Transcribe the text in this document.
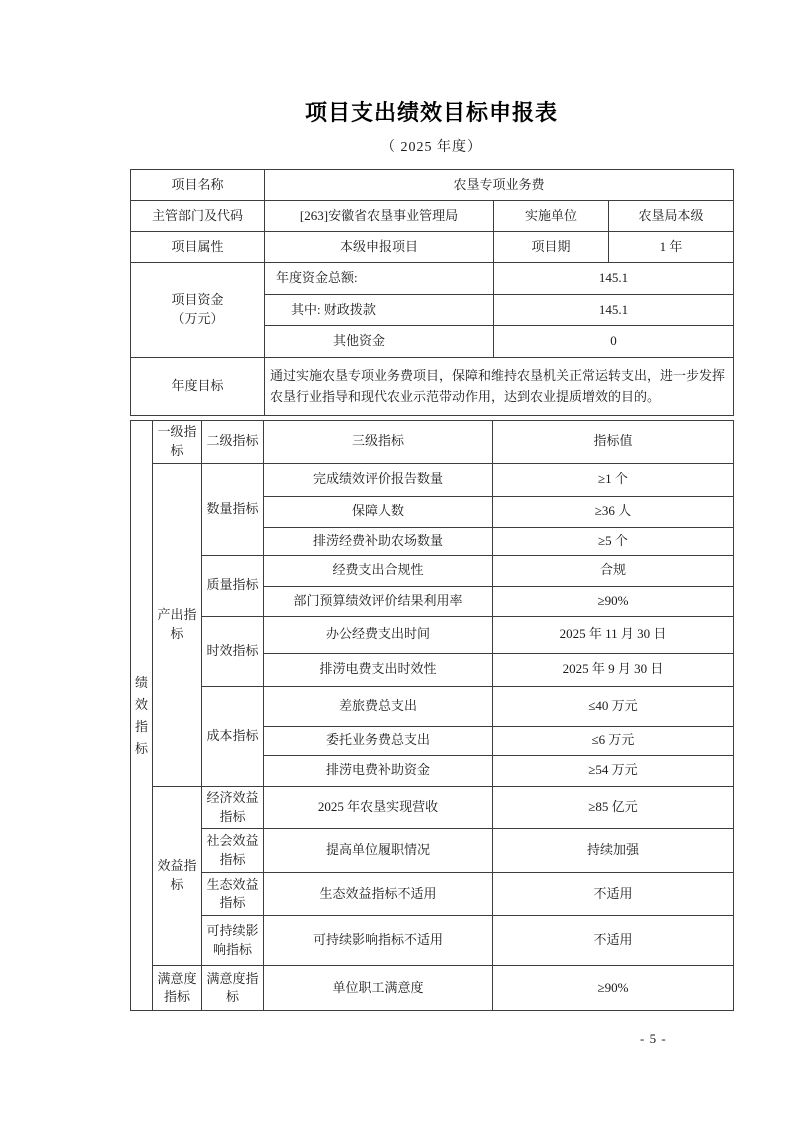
项目支出绩效目标申报表
（ 2025 年度）
项目名称	农垦专项业务费		
主管部门及代码	[263]安徽省农垦事业管理局	实施单位	农垦局本级
项目属性	本级申报项目	项目期	1 年

项目资金
（万元）	年度资金总额:	145.1	
	其中: 财政拨款	145.1	
	其他资金	0	
年度目标	通过实施农垦专项业务费项目，保障和维持农垦机关正常运转支出，进一步发挥农垦行业指导和现代农业示范带动作用，达到农业提质增效的目的。		
绩效指标	一级指标	二级指标	三级指标	指标值
	产出指标	数量指标	完成绩效评价报告数量	≥1 个
			保障人数	≥36 人
			排涝经费补助农场数量	≥5 个
		质量指标	经费支出合规性	合规
			部门预算绩效评价结果利用率	≥90%
		时效指标	办公经费支出时间	2025 年 11 月 30 日
			排涝电费支出时效性	2025 年 9 月 30 日
		成本指标	差旅费总支出	≤40 万元
			委托业务费总支出	≤6 万元
			排涝电费补助资金	≥54 万元
	效益指标	经济效益指标	2025 年农垦实现营收	≥85 亿元
		社会效益指标	提高单位履职情况	持续加强
		生态效益指标	生态效益指标不适用	不适用
		可持续影响指标	可持续影响指标不适用	不适用
	满意度指标	满意度指标	单位职工满意度	≥90%
- 5 -
